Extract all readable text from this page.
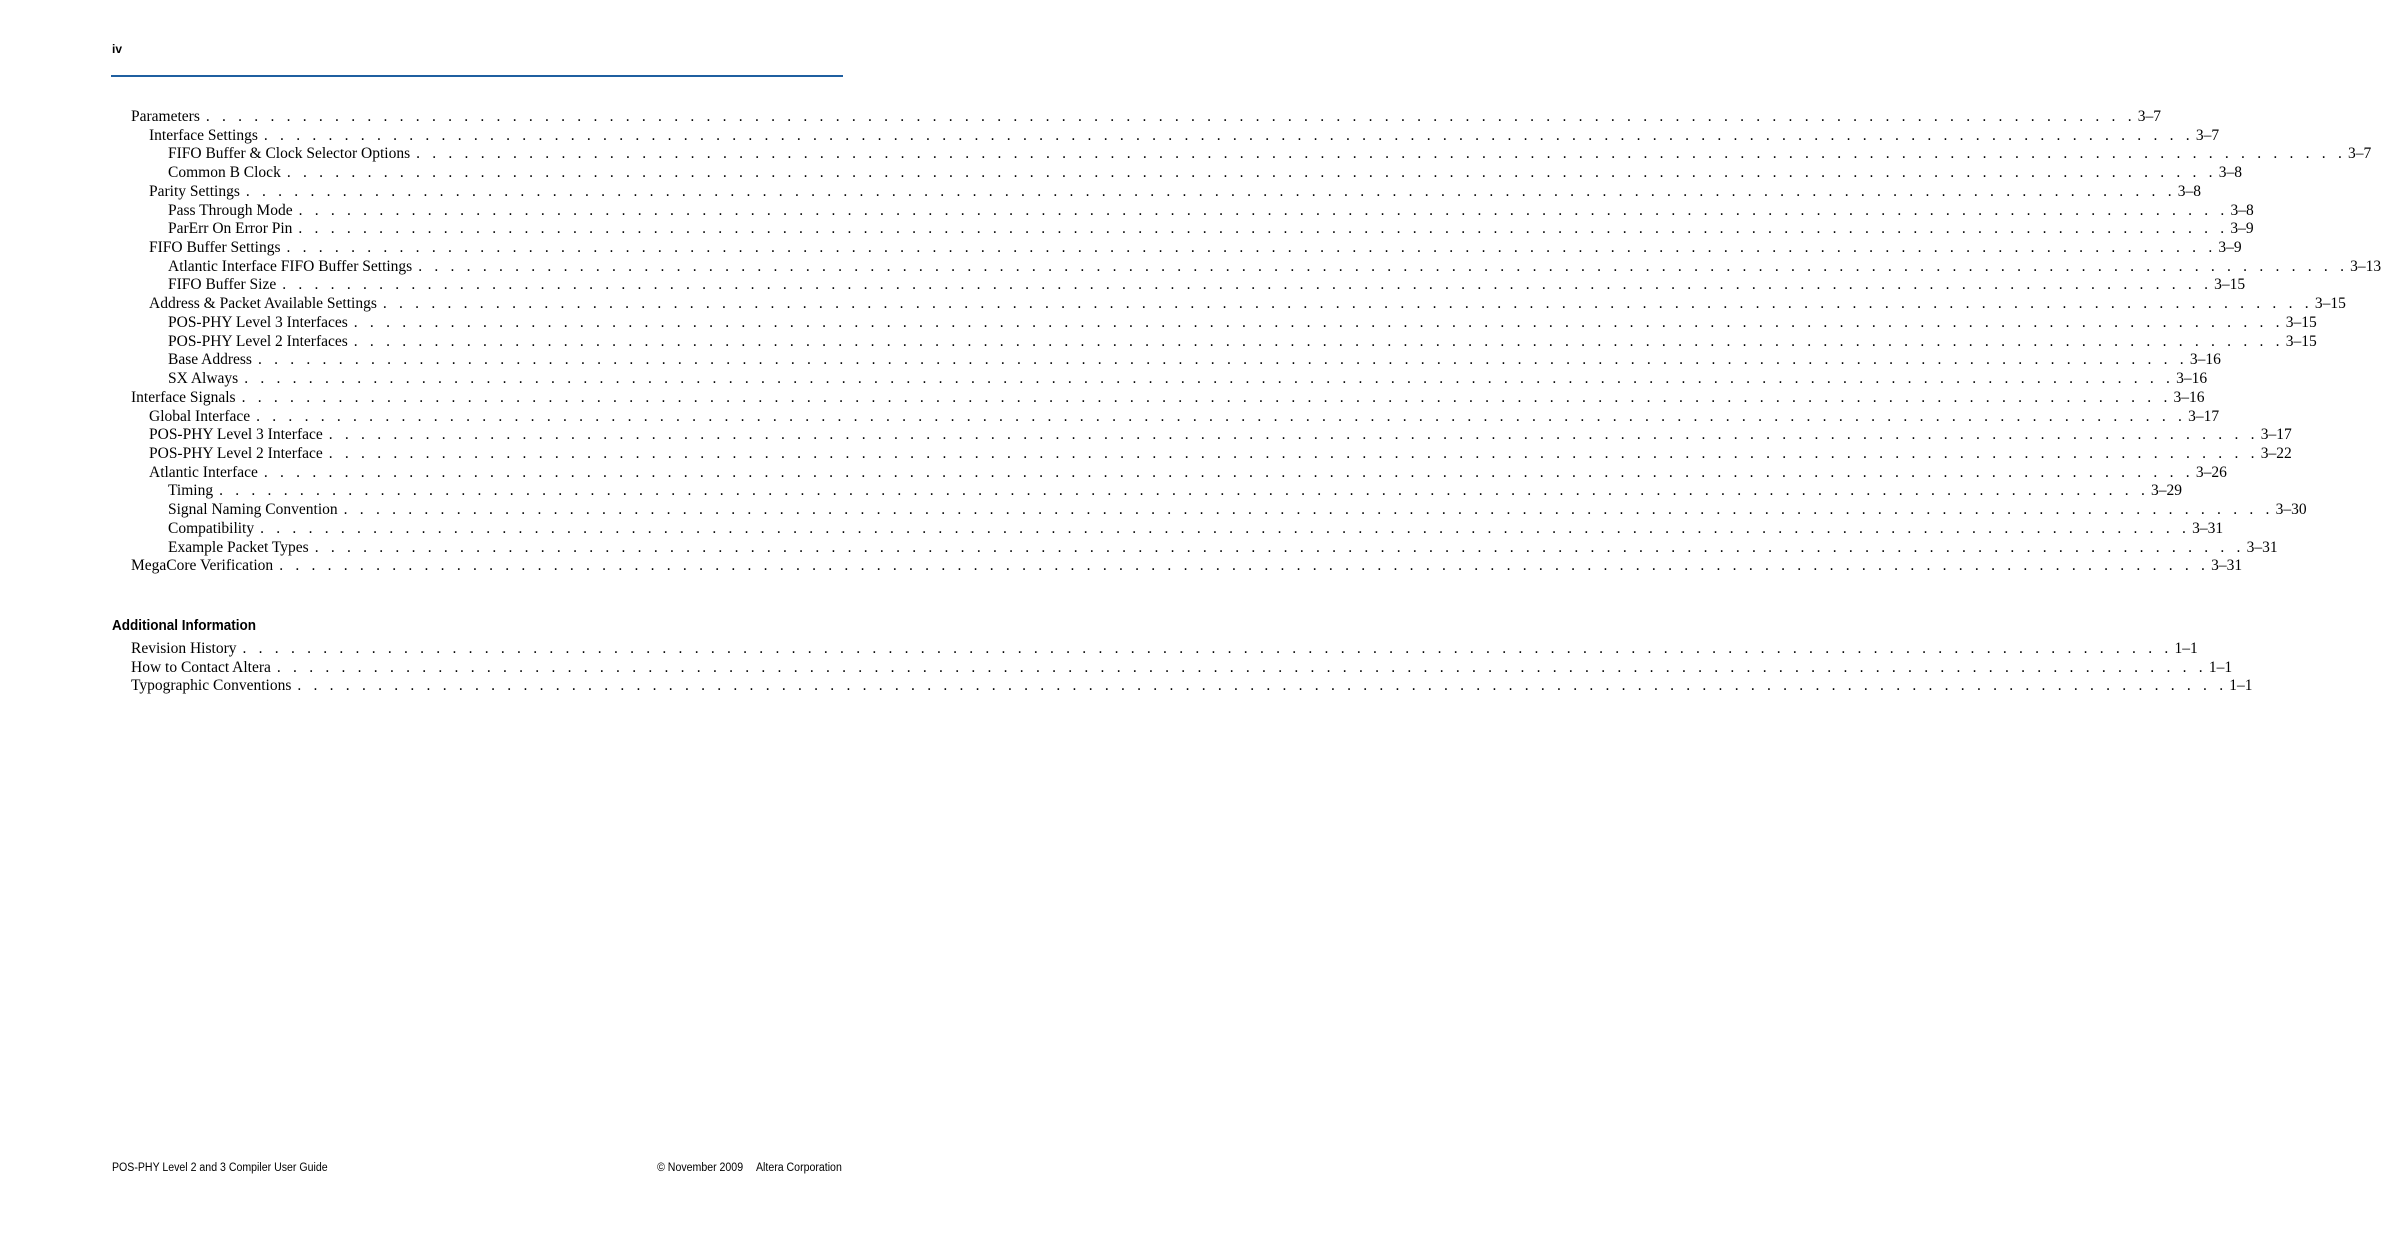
iv
Parameters . . . . . . . . . . . . . . . . . . . . . . . . . . . . . . . . . . . . . . . . . . . . . . . . . . . . . . . . . . . . . . . . . . . . . . . . . . . . . . . . . . . . . . . . . . . . . . . . . . . . . . . . . . . . . . . . . . . . . . . . 3–7
Interface Settings . . . . . . . . . . . . . . . . . . . . . . . . . . . . . . . . . . . . . . . . . . . . . . . . . . . . . . . . . . . . . . . . . . . . . . . . . . . . . . . . . . . . . . . . . . . . . . . . . . . . . . . . . . . . . . . . . . . . . . . . 3–7
FIFO Buffer & Clock Selector Options . . . . . . . . . . . . . . . . . . . . . . . . . . . . . . . . . . . . . . . . . . . . . . . . . . . . . . . . . . . . . . . . . . . . . . . . . . . . . . . . . . . . . . . . . . . . . . . . . . . . . . . . . . . . . . . . . . . . . . . . 3–7
Common B Clock . . . . . . . . . . . . . . . . . . . . . . . . . . . . . . . . . . . . . . . . . . . . . . . . . . . . . . . . . . . . . . . . . . . . . . . . . . . . . . . . . . . . . . . . . . . . . . . . . . . . . . . . . . . . . . . . . . . . . . . . 3–8
Parity Settings . . . . . . . . . . . . . . . . . . . . . . . . . . . . . . . . . . . . . . . . . . . . . . . . . . . . . . . . . . . . . . . . . . . . . . . . . . . . . . . . . . . . . . . . . . . . . . . . . . . . . . . . . . . . . . . . . . . . . . . . 3–8
Pass Through Mode . . . . . . . . . . . . . . . . . . . . . . . . . . . . . . . . . . . . . . . . . . . . . . . . . . . . . . . . . . . . . . . . . . . . . . . . . . . . . . . . . . . . . . . . . . . . . . . . . . . . . . . . . . . . . . . . . . . . . . . . 3–8
ParErr On Error Pin . . . . . . . . . . . . . . . . . . . . . . . . . . . . . . . . . . . . . . . . . . . . . . . . . . . . . . . . . . . . . . . . . . . . . . . . . . . . . . . . . . . . . . . . . . . . . . . . . . . . . . . . . . . . . . . . . . . . . . . . 3–9
FIFO Buffer Settings . . . . . . . . . . . . . . . . . . . . . . . . . . . . . . . . . . . . . . . . . . . . . . . . . . . . . . . . . . . . . . . . . . . . . . . . . . . . . . . . . . . . . . . . . . . . . . . . . . . . . . . . . . . . . . . . . . . . . . . . 3–9
Atlantic Interface FIFO Buffer Settings . . . . . . . . . . . . . . . . . . . . . . . . . . . . . . . . . . . . . . . . . . . . . . . . . . . . . . . . . . . . . . . . . . . . . . . . . . . . . . . . . . . . . . . . . . . . . . . . . . . . . . . . . . . . . . . . . . . . . . . . 3–13
FIFO Buffer Size . . . . . . . . . . . . . . . . . . . . . . . . . . . . . . . . . . . . . . . . . . . . . . . . . . . . . . . . . . . . . . . . . . . . . . . . . . . . . . . . . . . . . . . . . . . . . . . . . . . . . . . . . . . . . . . . . . . . . . . . 3–15
Address & Packet Available Settings . . . . . . . . . . . . . . . . . . . . . . . . . . . . . . . . . . . . . . . . . . . . . . . . . . . . . . . . . . . . . . . . . . . . . . . . . . . . . . . . . . . . . . . . . . . . . . . . . . . . . . . . . . . . . . . . . . . . . . . . 3–15
POS-PHY Level 3 Interfaces . . . . . . . . . . . . . . . . . . . . . . . . . . . . . . . . . . . . . . . . . . . . . . . . . . . . . . . . . . . . . . . . . . . . . . . . . . . . . . . . . . . . . . . . . . . . . . . . . . . . . . . . . . . . . . . . . . . . . . . . 3–15
POS-PHY Level 2 Interfaces . . . . . . . . . . . . . . . . . . . . . . . . . . . . . . . . . . . . . . . . . . . . . . . . . . . . . . . . . . . . . . . . . . . . . . . . . . . . . . . . . . . . . . . . . . . . . . . . . . . . . . . . . . . . . . . . . . . . . . . . 3–15
Base Address . . . . . . . . . . . . . . . . . . . . . . . . . . . . . . . . . . . . . . . . . . . . . . . . . . . . . . . . . . . . . . . . . . . . . . . . . . . . . . . . . . . . . . . . . . . . . . . . . . . . . . . . . . . . . . . . . . . . . . . . 3–16
SX Always . . . . . . . . . . . . . . . . . . . . . . . . . . . . . . . . . . . . . . . . . . . . . . . . . . . . . . . . . . . . . . . . . . . . . . . . . . . . . . . . . . . . . . . . . . . . . . . . . . . . . . . . . . . . . . . . . . . . . . . . 3–16
Interface Signals . . . . . . . . . . . . . . . . . . . . . . . . . . . . . . . . . . . . . . . . . . . . . . . . . . . . . . . . . . . . . . . . . . . . . . . . . . . . . . . . . . . . . . . . . . . . . . . . . . . . . . . . . . . . . . . . . . . . . . . . 3–16
Global Interface . . . . . . . . . . . . . . . . . . . . . . . . . . . . . . . . . . . . . . . . . . . . . . . . . . . . . . . . . . . . . . . . . . . . . . . . . . . . . . . . . . . . . . . . . . . . . . . . . . . . . . . . . . . . . . . . . . . . . . . . 3–17
POS-PHY Level 3 Interface . . . . . . . . . . . . . . . . . . . . . . . . . . . . . . . . . . . . . . . . . . . . . . . . . . . . . . . . . . . . . . . . . . . . . . . . . . . . . . . . . . . . . . . . . . . . . . . . . . . . . . . . . . . . . . . . . . . . . . . . 3–17
POS-PHY Level 2 Interface . . . . . . . . . . . . . . . . . . . . . . . . . . . . . . . . . . . . . . . . . . . . . . . . . . . . . . . . . . . . . . . . . . . . . . . . . . . . . . . . . . . . . . . . . . . . . . . . . . . . . . . . . . . . . . . . . . . . . . . . 3–22
Atlantic Interface . . . . . . . . . . . . . . . . . . . . . . . . . . . . . . . . . . . . . . . . . . . . . . . . . . . . . . . . . . . . . . . . . . . . . . . . . . . . . . . . . . . . . . . . . . . . . . . . . . . . . . . . . . . . . . . . . . . . . . . . 3–26
Timing . . . . . . . . . . . . . . . . . . . . . . . . . . . . . . . . . . . . . . . . . . . . . . . . . . . . . . . . . . . . . . . . . . . . . . . . . . . . . . . . . . . . . . . . . . . . . . . . . . . . . . . . . . . . . . . . . . . . . . . . 3–29
Signal Naming Convention . . . . . . . . . . . . . . . . . . . . . . . . . . . . . . . . . . . . . . . . . . . . . . . . . . . . . . . . . . . . . . . . . . . . . . . . . . . . . . . . . . . . . . . . . . . . . . . . . . . . . . . . . . . . . . . . . . . . . . . . 3–30
Compatibility . . . . . . . . . . . . . . . . . . . . . . . . . . . . . . . . . . . . . . . . . . . . . . . . . . . . . . . . . . . . . . . . . . . . . . . . . . . . . . . . . . . . . . . . . . . . . . . . . . . . . . . . . . . . . . . . . . . . . . . . 3–31
Example Packet Types . . . . . . . . . . . . . . . . . . . . . . . . . . . . . . . . . . . . . . . . . . . . . . . . . . . . . . . . . . . . . . . . . . . . . . . . . . . . . . . . . . . . . . . . . . . . . . . . . . . . . . . . . . . . . . . . . . . . . . . . 3–31
MegaCore Verification . . . . . . . . . . . . . . . . . . . . . . . . . . . . . . . . . . . . . . . . . . . . . . . . . . . . . . . . . . . . . . . . . . . . . . . . . . . . . . . . . . . . . . . . . . . . . . . . . . . . . . . . . . . . . . . . . . . . . . . . 3–31
Additional Information
Revision History . . . . . . . . . . . . . . . . . . . . . . . . . . . . . . . . . . . . . . . . . . . . . . . . . . . . . . . . . . . . . . . . . . . . . . . . . . . . . . . . . . . . . . . . . . . . . . . . . . . . . . . . . . . . . . . . . . . . . . . . 1–1
How to Contact Altera . . . . . . . . . . . . . . . . . . . . . . . . . . . . . . . . . . . . . . . . . . . . . . . . . . . . . . . . . . . . . . . . . . . . . . . . . . . . . . . . . . . . . . . . . . . . . . . . . . . . . . . . . . . . . . . . . . . . . . . . 1–1
Typographic Conventions . . . . . . . . . . . . . . . . . . . . . . . . . . . . . . . . . . . . . . . . . . . . . . . . . . . . . . . . . . . . . . . . . . . . . . . . . . . . . . . . . . . . . . . . . . . . . . . . . . . . . . . . . . . . . . . . . . . . . . . . 1–1
POS-PHY Level 2 and 3 Compiler User Guide	© November 2009 Altera Corporation
